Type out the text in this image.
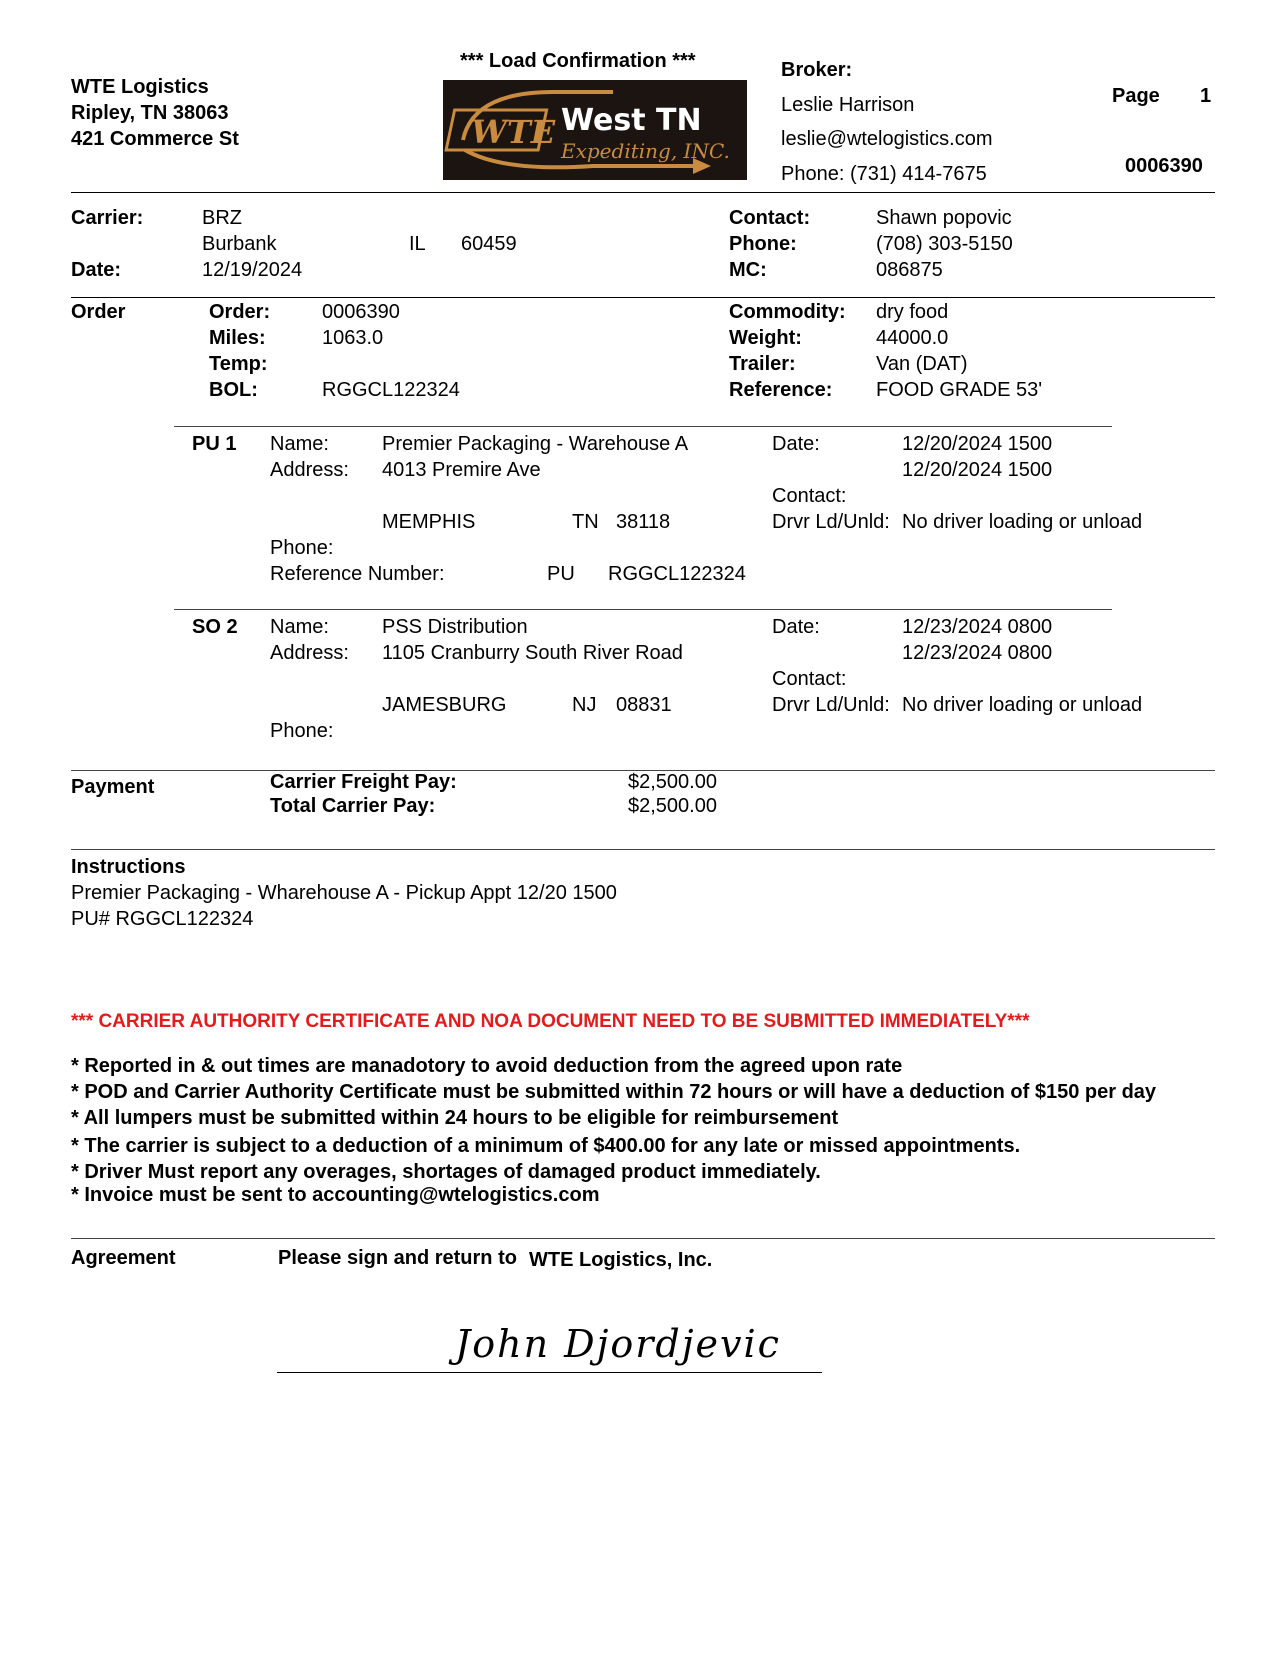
WTE Logistics
Ripley, TN 38063
421 Commerce St
*** Load Confirmation ***
WTE West TN
Expediting, INC.
Broker:
Leslie Harrison
leslie@wtelogistics.com
Phone: (731) 414-7675
Page 1
0006390
Carrier:	BRZ
Burbank	IL 60459
Date:	12/19/2024
Contact:	Shawn popovic
Phone:	(708) 303-5150
MC:	086875
Order	Order:	0006390
Miles:	1063.0
Temp:
BOL:	RGGCL122324
Commodity: dry food
Weight:	44000.0
Trailer:	Van (DAT)
Reference: FOOD GRADE 53'
PU 1 Name:	Premier Packaging - Warehouse A
Address: 4013 Premire Ave
MEMPHIS	TN 38118
Phone:
Reference Number:	PU RGGCL122324
Date:	12/20/2024 1500
12/20/2024 1500
Contact:
Drvr Ld/Unld: No driver loading or unload
SO 2 Name:	PSS Distribution
Address: 1105 Cranburry South River Road
JAMESBURG	NJ 08831
Phone:
Date:	12/23/2024 0800
12/23/2024 0800
Contact:
Drvr Ld/Unld: No driver loading or unload
Payment	Carrier Freight Pay:	$2,500.00
Total Carrier Pay:	$2,500.00
Instructions
Premier Packaging - Wharehouse A - Pickup Appt 12/20 1500
PU# RGGCL122324
*** CARRIER AUTHORITY CERTIFICATE AND NOA DOCUMENT NEED TO BE SUBMITTED IMMEDIATELY***
* Reported in & out times are manadotory to avoid deduction from the agreed upon rate
* POD and Carrier Authority Certificate must be submitted within 72 hours or will have a deduction of $150 per day
* All lumpers must be submitted within 24 hours to be eligible for reimbursement
* The carrier is subject to a deduction of a minimum of $400.00 for any late or missed appointments.
* Driver Must report any overages, shortages of damaged product immediately.
* Invoice must be sent to accounting@wtelogistics.com
Agreement	Please sign and return to WTE Logistics, Inc.
John Djordjevic
